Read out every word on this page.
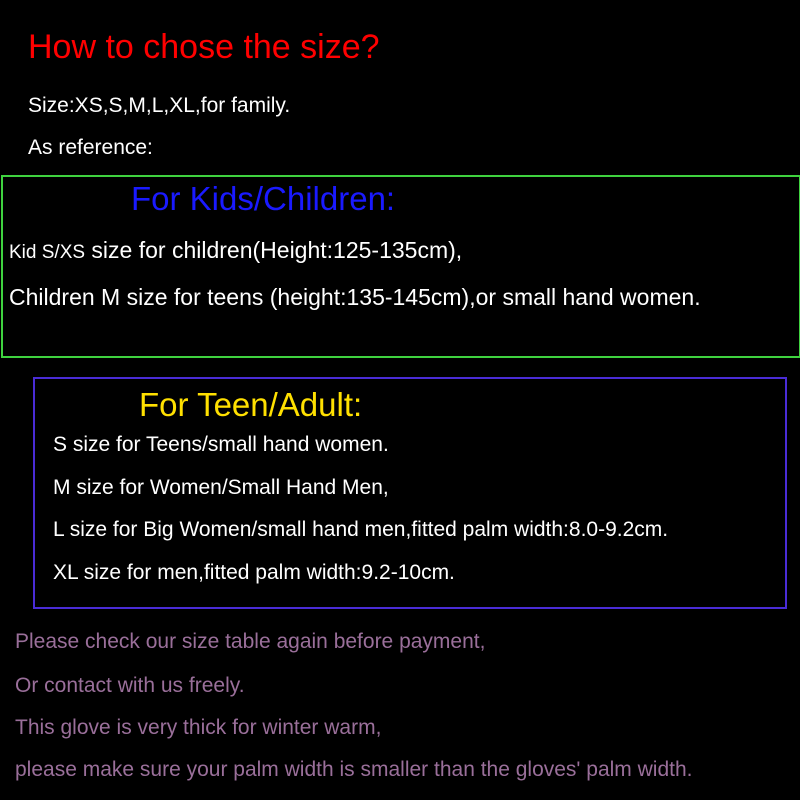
How to chose the size?
Size:XS,S,M,L,XL,for family.
As reference:
For Kids/Children:
Kid S/XS size for children(Height:125-135cm),
Children M size for teens (height:135-145cm),or small hand women.
For Teen/Adult:
S size for Teens/small hand women.
M size for Women/Small Hand Men,
L size for Big Women/small hand men,fitted palm width:8.0-9.2cm.
XL size for men,fitted palm width:9.2-10cm.
Please check our size table again before payment,
Or contact with us freely.
This glove is very thick for winter warm,
please make sure your palm width is smaller than the gloves' palm width.
